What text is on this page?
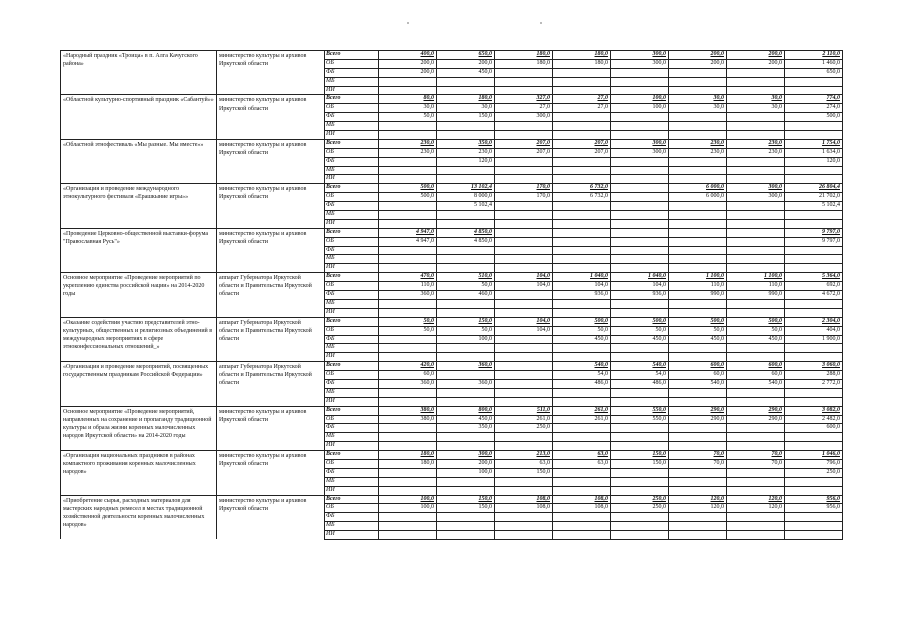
«Народный праздник «Троица» в п. Алга Качугского района»	министерство культуры и архивов Иркутской области	Всего	400,0	650,0	180,0	180,0	300,0	200,0	200,0	2 110,0
		ОБ	200,0	200,0	180,0	180,0	300,0	200,0	200,0	1 460,0
		ФБ	200,0	450,0						650,0
		МБ								
		ИИ								
«Областной культурно-спортивный праздник «Сабантуй»»	министерство культуры и архивов Иркутской области	Всего	80,0	180,0	327,0	27,0	100,0	30,0	30,0	774,0
		ОБ	30,0	30,0	27,0	27,0	100,0	30,0	30,0	274,0
		ФБ	50,0	150,0	300,0					500,0
		МБ								
		ИИ								
«Областной этнофестиваль «Мы разные. Мы вместе»»	министерство культуры и архивов Иркутской области	Всего	230,0	350,0	207,0	207,0	300,0	230,0	230,0	1 754,0
		ОБ	230,0	230,0	207,0	207,0	300,0	230,0	230,0	1 634,0
		ФБ		120,0						120,0
		МБ								
		ИИ								
«Организация и проведение международного этнокультурного фестиваля «Ерашкыние игры»»	министерство культуры и архивов Иркутской области	Всего	500,0	13 102,4	170,0	6 732,0		6 000,0	300,0	26 804,4
		ОБ	500,0	8 000,0	170,0	6 732,0		6 000,0	300,0	21 702,0
		ФБ		5 102,4						5 102,4
		МБ								
		ИИ								
«Проведение Церковно-общественной выставки-форума "Православная Русь"»	министерство культуры и архивов Иркутской области	Всего	4 947,0	4 850,0						9 797,0
		ОБ	4 947,0	4 850,0						9 797,0
		ФБ								
		МБ								
		ИИ								
Основное мероприятие «Проведение мероприятий по укреплению единства российской нации» на 2014-2020 годы	аппарат Губернатора Иркутской области и Правительства Иркутской области	Всего	470,0	510,0	104,0	1 040,0	1 040,0	1 100,0	1 100,0	5 364,0
		ОБ	110,0	50,0	104,0	104,0	104,0	110,0	110,0	692,0
		ФБ	360,0	460,0		936,0	936,0	990,0	990,0	4 672,0
		МБ								
		ИИ								
«Оказание содействия участию представителей этно-культурных, общественных и религиозных объединений в международных мероприятиях в сфере этноконфессиональных отношений_»	аппарат Губернатора Иркутской области и Правительства Иркутской области	Всего	50,0	150,0	104,0	500,0	500,0	500,0	500,0	2 304,0
		ОБ	50,0	50,0	104,0	50,0	50,0	50,0	50,0	404,0
		ФБ		100,0		450,0	450,0	450,0	450,0	1 900,0
		МБ								
		ИИ								
«Организация и проведение мероприятий, посвященных государственным праздникам Российской Федерации»	аппарат Губернатора Иркутской области и Правительства Иркутской области	Всего	420,0	360,0		540,0	540,0	600,0	600,0	3 060,0
		ОБ	60,0			54,0	54,0	60,0	60,0	288,0
		ФБ	360,0	360,0		486,0	486,0	540,0	540,0	2 772,0
		МБ								
		ИИ								
Основное мероприятие «Проведение мероприятий, направленных на сохранение и пропаганду традиционной культуры и образа жизни коренных малочисленных народов Иркутской области» на 2014-2020 годы	министерство культуры и архивов Иркутской области	Всего	380,0	800,0	511,0	261,0	550,0	290,0	290,0	3 082,0
		ОБ	380,0	450,0	261,0	261,0	550,0	290,0	290,0	2 482,0
		ФБ		350,0	250,0					600,0
		МБ								
		ИИ								
«Организация национальных праздников в районах компактного проживания коренных малочисленных народов»	министерство культуры и архивов Иркутской области	Всего	180,0	300,0	213,0	63,0	150,0	70,0	70,0	1 046,0
		ОБ	180,0	200,0	63,0	63,0	150,0	70,0	70,0	796,0
		ФБ		100,0	150,0					250,0
		МБ								
		ИИ								
«Приобретение сырья, расходных материалов для мастерских народных ремесел в местах традиционной хозяйственной деятельности коренных малочисленных народов»	министерство культуры и архивов Иркутской области	Всего	100,0	150,0	108,0	108,0	250,0	120,0	120,0	956,0
		ОБ	100,0	150,0	108,0	108,0	250,0	120,0	120,0	956,0
		ФБ								
		МБ								
		ИИ								
